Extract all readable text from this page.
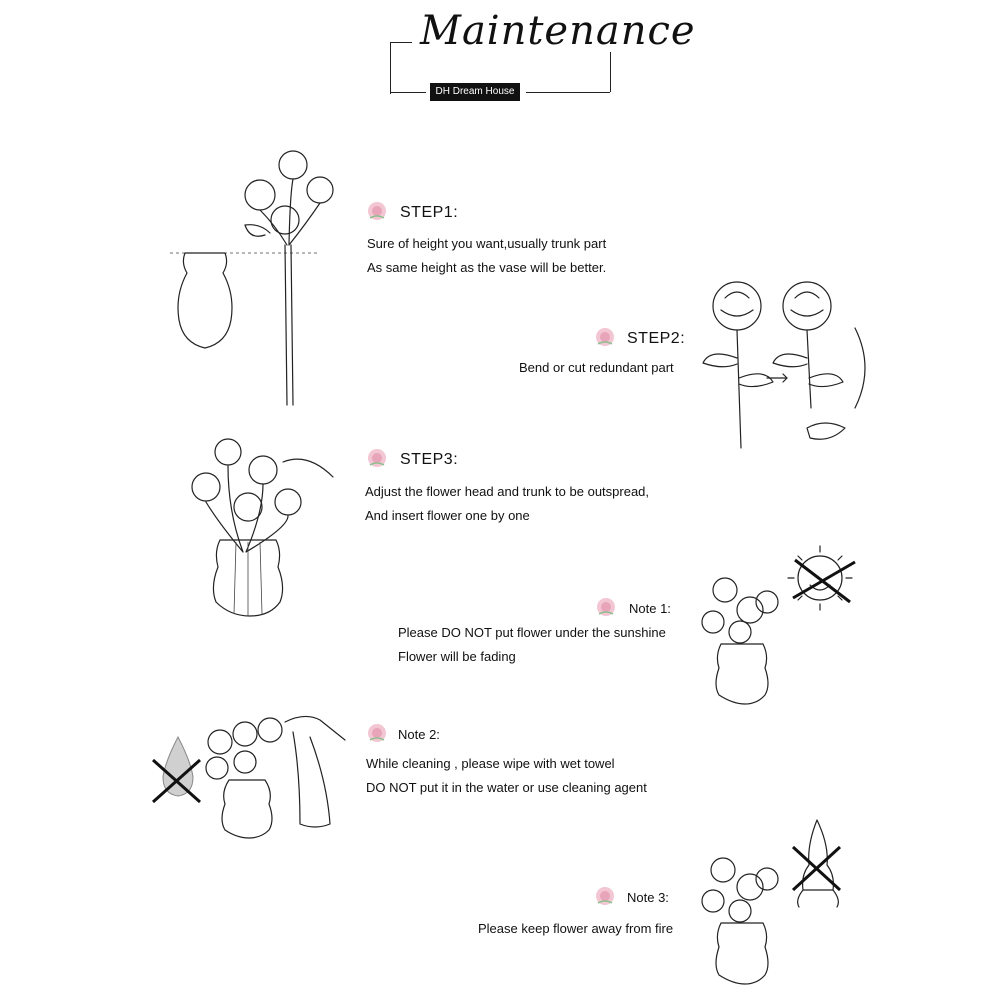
Maintenance
DH Dream House
STEP1:
Sure of height you want,usually trunk part
As same height as the vase will be better.
STEP2:
Bend or cut redundant part
STEP3:
Adjust the flower head and trunk to be outspread,
And insert flower one by one
Note 1:
Please DO NOT put flower under the sunshine
Flower will be fading
Note 2:
While cleaning , please wipe with wet towel
DO NOT put it in the water or use cleaning agent
Note 3:
Please keep flower away from fire
